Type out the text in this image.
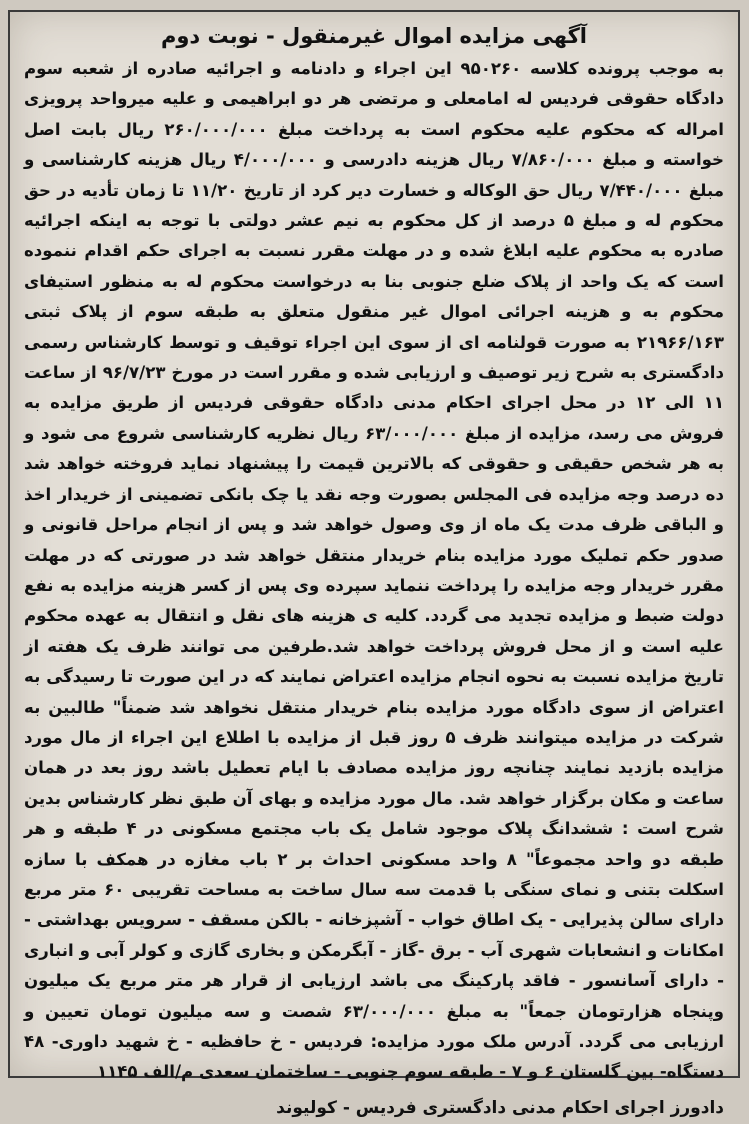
آگهی مزایده اموال غیرمنقول - نوبت دوم

به موجب پرونده کلاسه ۹۵۰۲۶۰ این اجراء و دادنامه و اجرائیه صادره از شعبه سوم دادگاه حقوقی فردیس له امامعلی و مرتضی هر دو ابراهیمی و علیه میرواحد پرویزی امراله که محکوم علیه محکوم است به پرداخت مبلغ ۲۶۰/۰۰۰/۰۰۰ ریال بابت اصل خواسته و مبلغ ۷/۸۶۰/۰۰۰ ریال هزینه دادرسی و ۴/۰۰۰/۰۰۰ ریال هزینه کارشناسی و مبلغ ۷/۴۴۰/۰۰۰ ریال حق الوکاله و خسارت دیر کرد از تاریخ ۱۱/۲۰ تا زمان تأدیه در حق محکوم له و مبلغ ۵ درصد از کل محکوم به نیم عشر دولتی با توجه به اینکه اجرائیه صادره به محکوم علیه ابلاغ شده و در مهلت مقرر نسبت به اجرای حکم اقدام ننموده است که یک واحد از پلاک ضلع جنوبی بنا به درخواست محکوم له به منظور استیفای محکوم به و هزینه اجرائی اموال غیر منقول متعلق به طبقه سوم از پلاک ثبتی ۲۱۹۶۶/۱۶۳ به صورت قولنامه ای از سوی این اجراء توقیف و توسط کارشناس رسمی دادگستری به شرح زیر توصیف و ارزیابی شده و مقرر است در مورخ ۹۶/۷/۲۳ از ساعت ۱۱ الی ۱۲ در محل اجرای احکام مدنی دادگاه حقوقی فردیس از طریق مزایده به فروش می رسد، مزایده از مبلغ ۶۳/۰۰۰/۰۰۰ ریال نظریه کارشناسی شروع می شود و به هر شخص حقیقی و حقوقی که بالاترین قیمت را پیشنهاد نماید فروخته خواهد شد ده درصد وجه مزایده فی المجلس بصورت وجه نقد یا چک بانکی تضمینی از خریدار اخذ و الباقی ظرف مدت یک ماه از وی وصول خواهد شد و پس از انجام مراحل قانونی و صدور حکم تملیک مورد مزایده بنام خریدار منتقل خواهد شد در صورتی که در مهلت مقرر خریدار وجه مزایده را پرداخت ننماید سپرده وی پس از کسر هزینه مزایده به نفع دولت ضبط و مزایده تجدید می گردد. کلیه ی هزینه های نقل و انتقال به عهده محکوم علیه است و از محل فروش پرداخت خواهد شد.طرفین می توانند ظرف یک هفته از تاریخ مزایده نسبت به نحوه انجام مزایده اعتراض نمایند که در این صورت تا رسیدگی به اعتراض از سوی دادگاه مورد مزایده بنام خریدار منتقل نخواهد شد ضمناً" طالبین به شرکت در مزایده میتوانند ظرف ۵ روز قبل از مزایده با اطلاع این اجراء از مال مورد مزایده بازدید نمایند چنانچه روز مزایده مصادف با ایام تعطیل باشد روز بعد در همان ساعت و مکان برگزار خواهد شد. مال مورد مزایده و بهای آن طبق نظر کارشناس بدین شرح است : ششدانگ پلاک موجود شامل یک باب مجتمع مسکونی در ۴ طبقه و هر طبقه دو واحد مجموعاً" ۸ واحد مسکونی احداث بر ۲ باب مغازه در همکف با سازه اسکلت بتنی و نمای سنگی با قدمت سه سال ساخت به مساحت تقریبی ۶۰ متر مربع دارای سالن پذیرایی - یک اطاق خواب - آشپزخانه - بالکن مسقف - سرویس بهداشتی - امکانات و انشعابات شهری آب - برق -گاز - آبگرمکن و بخاری گازی و کولر آبی و انباری - دارای آسانسور - فاقد پارکینگ می باشد ارزیابی از قرار هر متر مربع یک میلیون وپنجاه هزارتومان جمعاً" به مبلغ ۶۳/۰۰۰/۰۰۰ شصت و سه میلیون تومان تعیین و ارزیابی می گردد. آدرس ملک مورد مزایده: فردیس - خ حافظیه - خ شهید داوری- ۴۸ دستگاه- بین گلستان ۶ و ۷ - طبقه سوم جنوبی - ساختمان سعدی م/الف ۱۱۴۵

دادورز اجرای احکام مدنی دادگستری فردیس - کولیوند
